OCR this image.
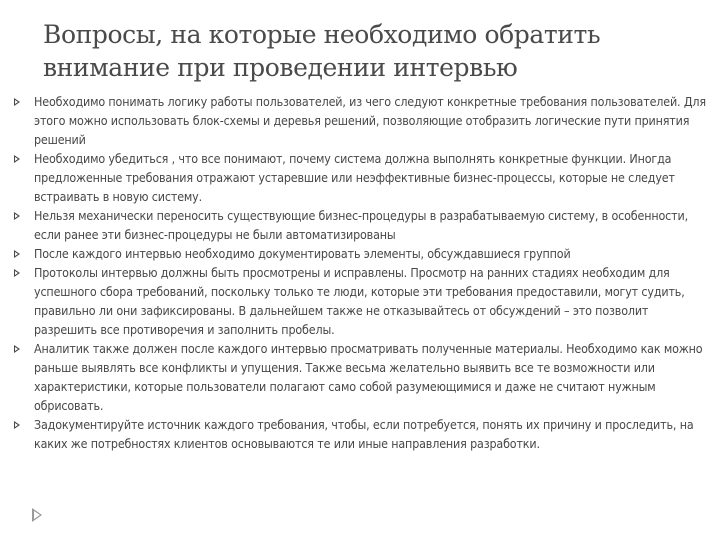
Вопросы, на которые необходимо обратить внимание при проведении интервью
Необходимо понимать логику работы пользователей, из чего следуют конкретные требования пользователей. Для этого можно использовать блок-схемы и деревья решений, позволяющие отобразить логические пути принятия решений
Необходимо убедиться , что все понимают, почему система должна выполнять конкретные функции. Иногда предложенные требования отражают устаревшие или неэффективные бизнес-процессы, которые не следует встраивать в новую систему.
Нельзя механически переносить существующие бизнес-процедуры в разрабатываемую систему, в особенности, если ранее эти бизнес-процедуры не были автоматизированы
После каждого интервью необходимо документировать элементы, обсуждавшиеся группой
Протоколы интервью должны быть просмотрены и исправлены. Просмотр на ранних стадиях необходим для успешного сбора требований, поскольку только те люди, которые эти требования предоставили, могут судить, правильно ли они зафиксированы. В дальнейшем также не отказывайтесь от обсуждений – это позволит разрешить все противоречия и заполнить пробелы.
Аналитик также должен после каждого интервью просматривать полученные материалы. Необходимо как можно раньше выявлять все конфликты и упущения. Также весьма желательно выявить все те возможности или характеристики, которые пользователи полагают само собой разумеющимися и даже не считают нужным обрисовать.
Задокументируйте источник каждого требования, чтобы, если потребуется, понять их причину и проследить, на каких же потребностях клиентов основываются те или иные направления разработки.
